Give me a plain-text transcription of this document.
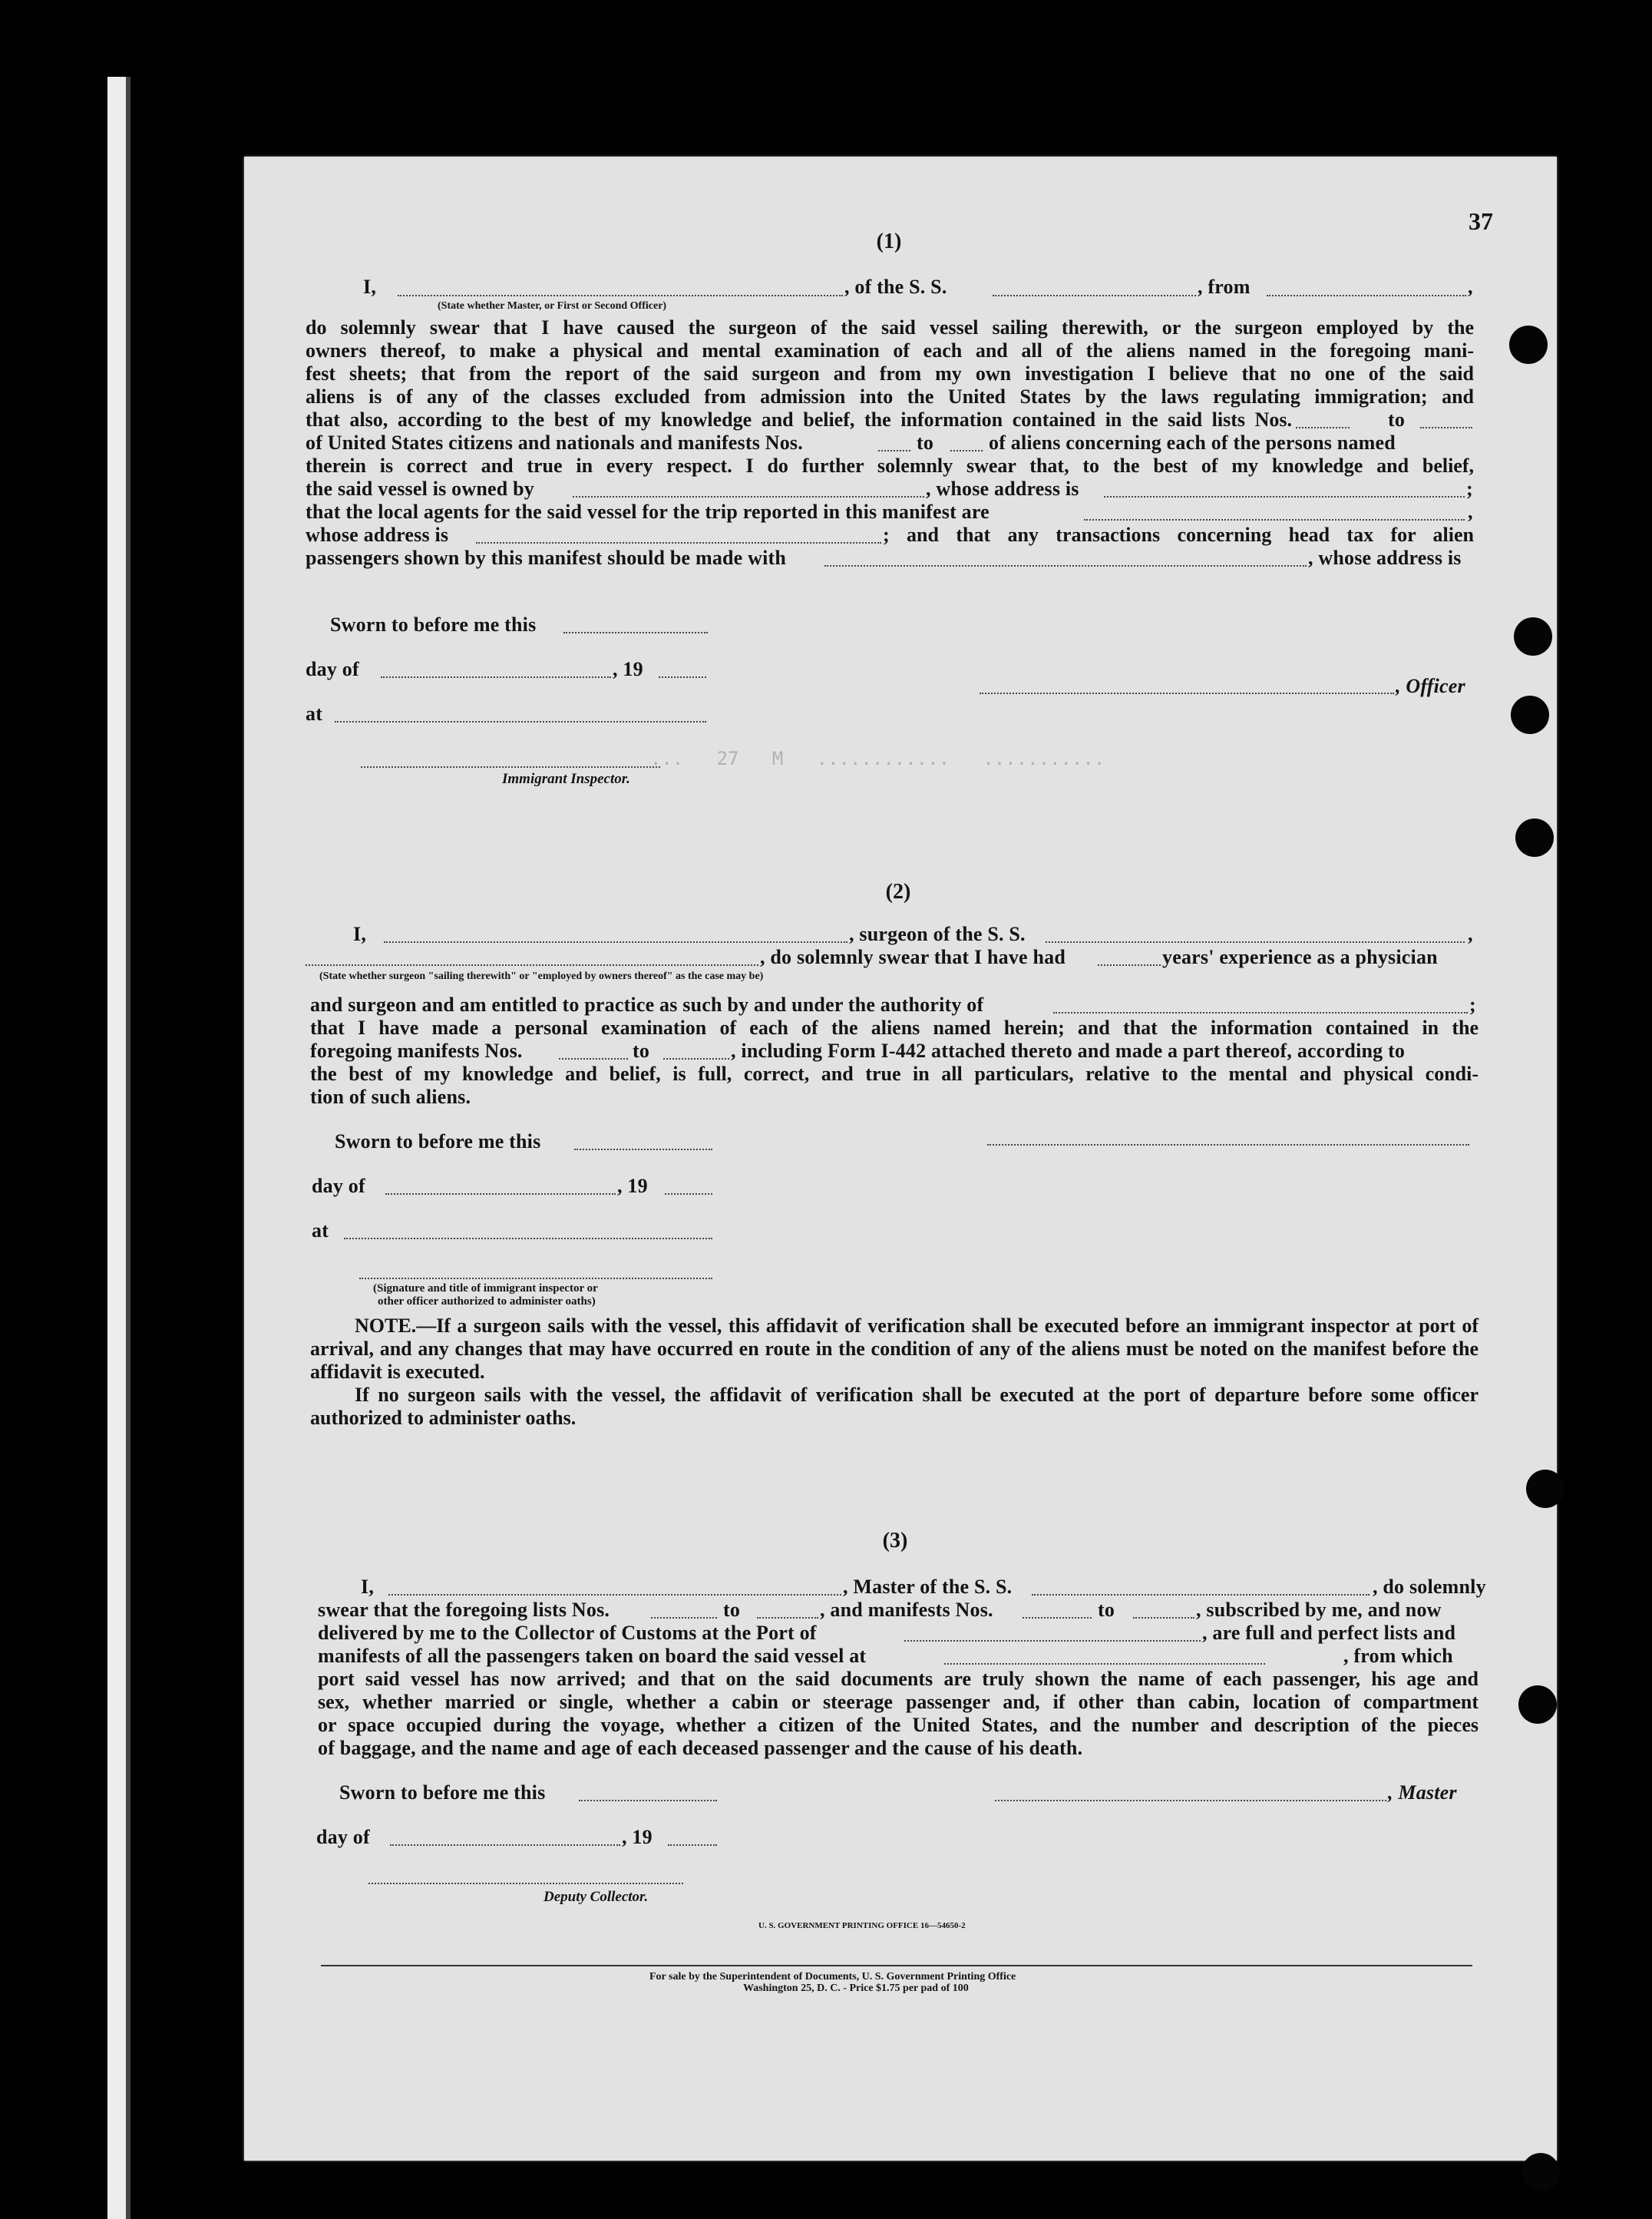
...   27   M   ............   ...........
37
(1)
I,	, of the S. S.	, from	,
(State whether Master, or First or Second Officer)
do solemnly swear that I have caused the surgeon of the said vessel sailing therewith, or the surgeon employed by the
owners thereof, to make a physical and mental examination of each and all of the aliens named in the foregoing mani-
fest sheets; that from the report of the said surgeon and from my own investigation I believe that no one of the said
aliens is of any of the classes excluded from admission into the United States by the laws regulating immigration; and
that also, according to the best of my knowledge and belief, the information contained in the said lists Nos.	to
of United States citizens and nationals and manifests Nos.	to	of aliens concerning each of the persons named
therein is correct and true in every respect. I do further solemnly swear that, to the best of my knowledge and belief,
the said vessel is owned by	, whose address is	;
that the local agents for the said vessel for the trip reported in this manifest are	,
whose address is	; and that any transactions concerning head tax for alien
passengers shown by this manifest should be made with	, whose address is
Sworn to before me this
day of	, 19
at
Immigrant Inspector.
, Officer
(2)
I,	, surgeon of the S. S.	,
, do solemnly swear that I have had	years' experience as a physician
(State whether surgeon "sailing therewith" or "employed by owners thereof" as the case may be)
and surgeon and am entitled to practice as such by and under the authority of	;
that I have made a personal examination of each of the aliens named herein; and that the information contained in the
foregoing manifests Nos.	to	, including Form I-442 attached thereto and made a part thereof, according to
the best of my knowledge and belief, is full, correct, and true in all particulars, relative to the mental and physical condi-
tion of such aliens.
Sworn to before me this
day of	, 19
at
(Signature and title of immigrant inspector or
other officer authorized to administer oaths)
NOTE.—If a surgeon sails with the vessel, this affidavit of verification shall be executed before an immigrant inspector at port of arrival, and any changes that may have occurred en route in the condition of any of the aliens must be noted on the manifest before the affidavit is executed.
If no surgeon sails with the vessel, the affidavit of verification shall be executed at the port of departure before some officer authorized to administer oaths.
(3)
I,	, Master of the S. S.	, do solemnly
swear that the foregoing lists Nos.	to	, and manifests Nos.	to	, subscribed by me, and now
delivered by me to the Collector of Customs at the Port of	, are full and perfect lists and
manifests of all the passengers taken on board the said vessel at	, from which
port said vessel has now arrived; and that on the said documents are truly shown the name of each passenger, his age and
sex, whether married or single, whether a cabin or steerage passenger and, if other than cabin, location of compartment
or space occupied during the voyage, whether a citizen of the United States, and the number and description of the pieces
of baggage, and the name and age of each deceased passenger and the cause of his death.
Sworn to before me this	, Master
day of	, 19
Deputy Collector.
U. S. GOVERNMENT PRINTING OFFICE 16—54650-2
For sale by the Superintendent of Documents, U. S. Government Printing Office
Washington 25, D. C. - Price $1.75 per pad of 100
